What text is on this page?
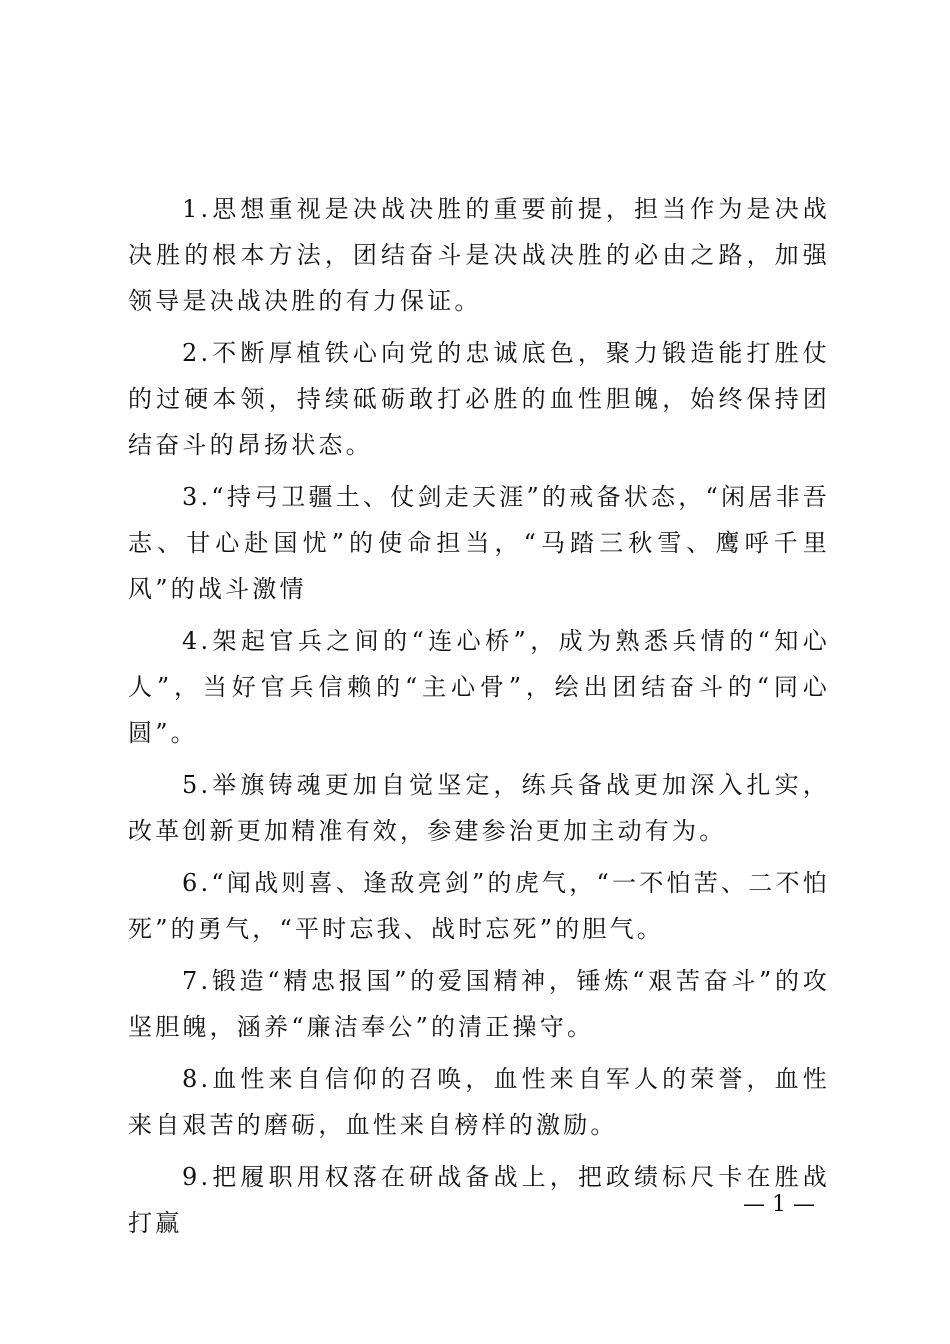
1.思想重视是决战决胜的重要前提，担当作为是决战决胜的根本方法，团结奋斗是决战决胜的必由之路，加强领导是决战决胜的有力保证。

2.不断厚植铁心向党的忠诚底色，聚力锻造能打胜仗的过硬本领，持续砥砺敢打必胜的血性胆魄，始终保持团结奋斗的昂扬状态。

3.“持弓卫疆土、仗剑走天涯”的戒备状态，“闲居非吾志、甘心赴国忧”的使命担当，“马踏三秋雪、鹰呼千里风”的战斗激情

4.架起官兵之间的“连心桥”，成为熟悉兵情的“知心人”，当好官兵信赖的“主心骨”，绘出团结奋斗的“同心圆”。

5.举旗铸魂更加自觉坚定，练兵备战更加深入扎实，改革创新更加精准有效，参建参治更加主动有为。

6.“闻战则喜、逢敌亮剑”的虎气，“一不怕苦、二不怕死”的勇气，“平时忘我、战时忘死”的胆气。

7.锻造“精忠报国”的爱国精神，锤炼“艰苦奋斗”的攻坚胆魄，涵养“廉洁奉公”的清正操守。

8.血性来自信仰的召唤，血性来自军人的荣誉，血性来自艰苦的磨砺，血性来自榜样的激励。

9.把履职用权落在研战备战上，把政绩标尺卡在胜战打赢

— 1 —
